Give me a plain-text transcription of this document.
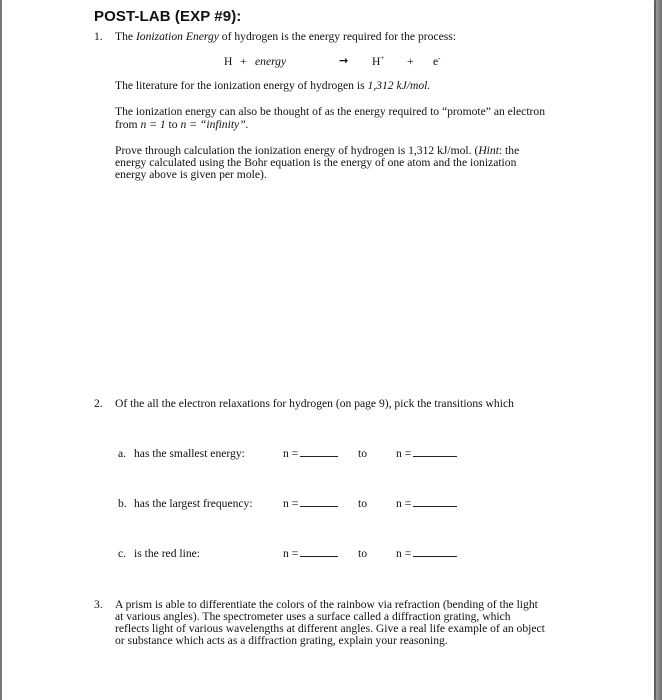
POST-LAB (EXP #9):
1. The Ionization Energy of hydrogen is the energy required for the process:
H + energy	→ H+ + e-
The literature for the ionization energy of hydrogen is 1,312 kJ/mol.
The ionization energy can also be thought of as the energy required to “promote” an electron
from n = 1 to n = “infinity”.
Prove through calculation the ionization energy of hydrogen is 1,312 kJ/mol. (Hint: the
energy calculated using the Bohr equation is the energy of one atom and the ionization
energy above is given per mole).
2. Of the all the electron relaxations for hydrogen (on page 9), pick the transitions which
a. has the smallest energy:	n =	to n =
b. has the largest frequency:	n =	to n =
c. is the red line:	n =	to n =
3. A prism is able to differentiate the colors of the rainbow via refraction (bending of the light
at various angles). The spectrometer uses a surface called a diffraction grating, which
reflects light of various wavelengths at different angles. Give a real life example of an object
or substance which acts as a diffraction grating, explain your reasoning.
